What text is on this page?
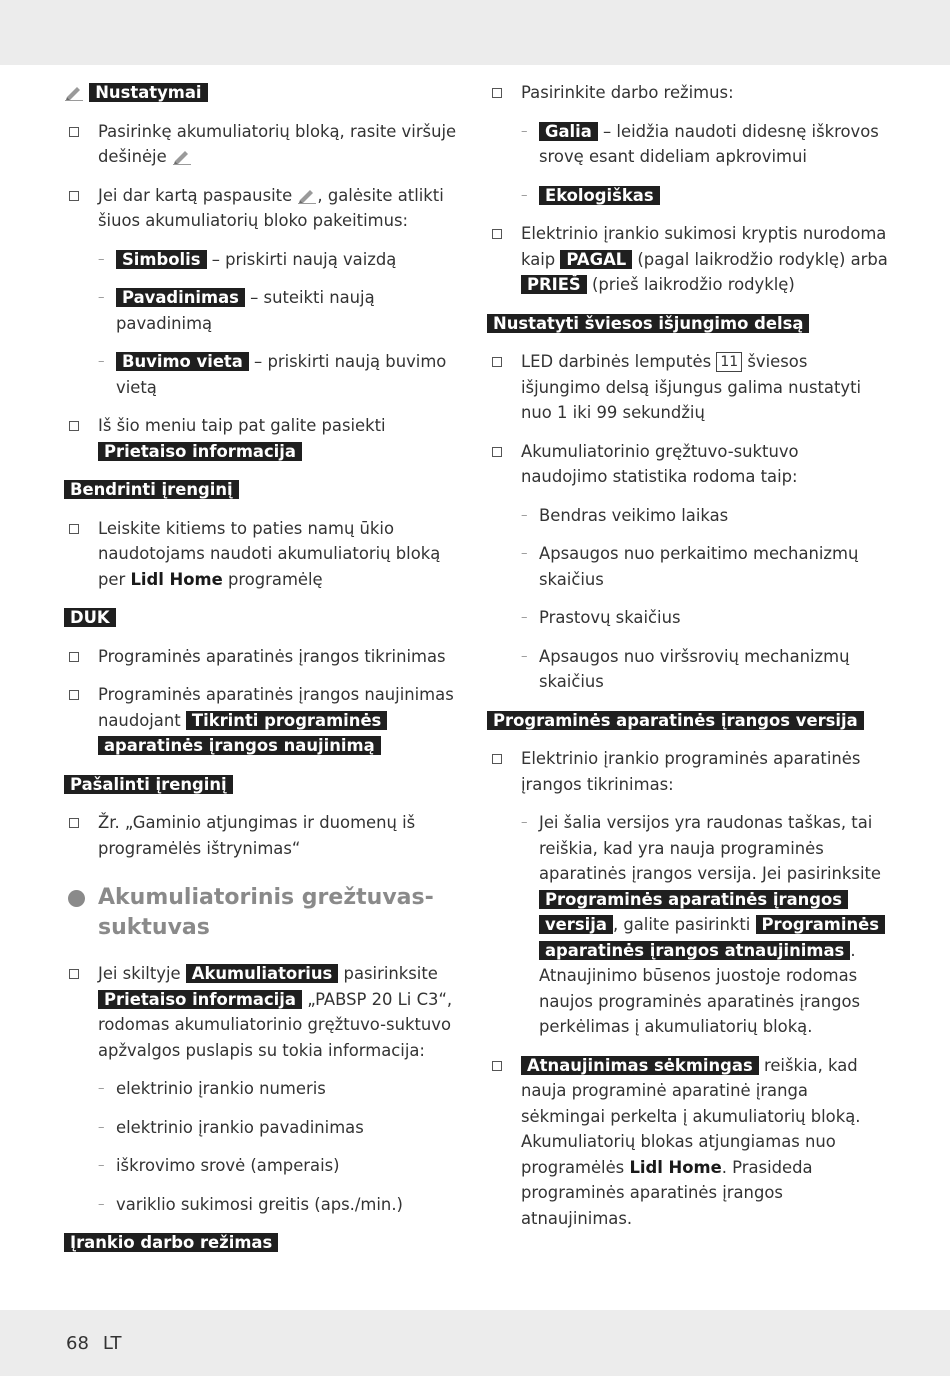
Nustatymai
Pasirinkę akumuliatorių bloką, rasite viršuje dešinėje
Jei dar kartą paspausite , galėsite atlikti šiuos akumuliatorių bloko pakeitimus:
– Simbolis – priskirti naują vaizdą
– Pavadinimas – suteikti naują pavadinimą
– Buvimo vieta – priskirti naują buvimo vietą
Iš šio meniu taip pat galite pasiekti Prietaiso informacija
Bendrinti įrenginį
Leiskite kitiems to paties namų ūkio naudotojams naudoti akumuliatorių bloką per Lidl Home programėlę
DUK
Programinės aparatinės įrangos tikrinimas
Programinės aparatinės įrangos naujinimas naudojant Tikrinti programinės aparatinės įrangos naujinimą
Pašalinti įrenginį
Žr. „Gaminio atjungimas ir duomenų iš programėlės ištrynimas“
Akumuliatorinis grežtuvas-suktuvas
Jei skiltyje Akumuliatorius pasirinksite Prietaiso informacija „PABSP 20 Li C3“, rodomas akumuliatorinio gręžtuvo-suktuvo apžvalgos puslapis su tokia informacija:
– elektrinio įrankio numeris
– elektrinio įrankio pavadinimas
– iškrovimo srovė (amperais)
– variklio sukimosi greitis (aps./min.)
Įrankio darbo režimas
Pasirinkite darbo režimus:
– Galia – leidžia naudoti didesnę iškrovos srovę esant dideliam apkrovimui
– Ekologiškas
Elektrinio įrankio sukimosi kryptis nurodoma kaip PAGAL (pagal laikrodžio rodyklę) arba PRIEŠ (prieš laikrodžio rodyklę)
Nustatyti šviesos išjungimo delsą
LED darbinės lemputės 11 šviesos išjungimo delsą išjungus galima nustatyti nuo 1 iki 99 sekundžių
Akumuliatorinio gręžtuvo-suktuvo naudojimo statistika rodoma taip:
– Bendras veikimo laikas
– Apsaugos nuo perkaitimo mechanizmų skaičius
– Prastovų skaičius
– Apsaugos nuo viršsrovių mechanizmų skaičius
Programinės aparatinės įrangos versija
Elektrinio įrankio programinės aparatinės įrangos tikrinimas:
– Jei šalia versijos yra raudonas taškas, tai reiškia, kad yra nauja programinės aparatinės įrangos versija. Jei pasirinksite Programinės aparatinės įrangos versija , galite pasirinkti Programinės aparatinės įrangos atnaujinimas . Atnaujinimo būsenos juostoje rodomas naujos programinės aparatinės įrangos perkėlimas į akumuliatorių bloką.
Atnaujinimas sėkmingas reiškia, kad nauja programinė aparatinė įranga sėkmingai perkelta į akumuliatorių bloką. Akumuliatorių blokas atjungiamas nuo programėlės Lidl Home. Prasideda programinės aparatinės įrangos atnaujinimas.
68 LT
